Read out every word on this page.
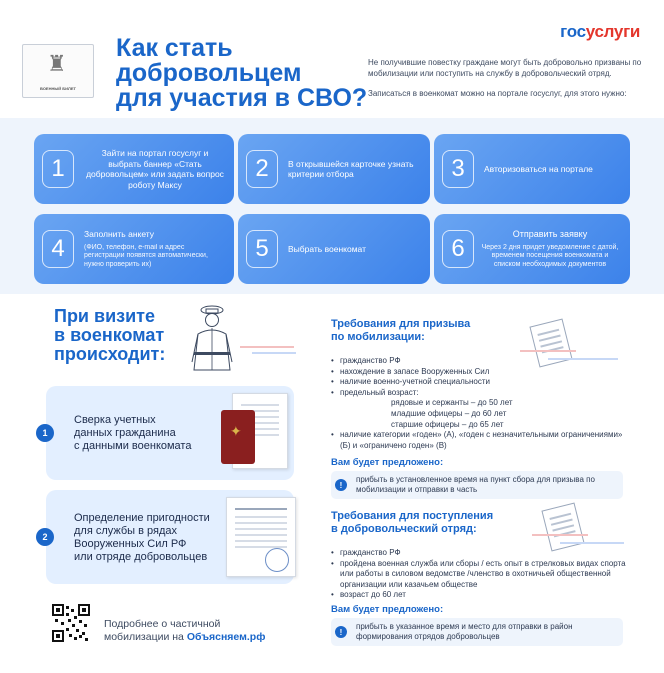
госуслуги
♜
ВОЕННЫЙ БИЛЕТ
Как стать
добровольцем
для участия в СВО?

Не получившие повестку граждане могут быть добровольно призваны по мобилизации или поступить на службу в добровольческий отряд.

Записаться в военкомат можно на портале госуслуг, для этого нужно:

1
Зайти на портал госуслуг и выбрать баннер «Стать добровольцем» или задать вопрос роботу Максу
2	В открывшейся карточке узнать критерии отбора	3	Авторизоваться на портале
4
Заполнить анкету
(ФИО, телефон, e-mail и адрес регистрации появятся автоматически, нужно проверить их)
5	Выбрать военкомат	6
Отправить заявку
Через 2 дня придет уведомление с датой, временем посещения военкомата и списком необходимых документов
При визите
в военкомат
происходит:
1
Сверка учетных
данных гражданина
с данными военкомата
✦
2
Определение пригодности
для службы в рядах
Вооруженных Сил РФ
или отряде добровольцев
Подробнее о частичной
мобилизации на Объясняем.рф
Требования для призыва
по мобилизации:
• гражданство РФ
• нахождение в запасе Вооруженных Сил
• наличие военно-учетной специальности
• предельный возраст:
рядовые и сержанты – до 50 лет
младшие офицеры – до 60 лет
старшие офицеры – до 65 лет
• наличие категории «годен» (А), «годен с незначительными ограничениями» (Б) и «ограничено годен» (В)
Вам будет предложено:
!
прибыть в установленное время на пункт сбора для призыва по мобилизации и отправки в часть
Требования для поступления
в добровольческий отряд:
• гражданство РФ
• пройдена военная служба или сборы / есть опыт в стрелковых видах спорта или работы в силовом ведомстве /членство в охотничьей общественной организации или казачьем обществе
• возраст до 60 лет
Вам будет предложено:
!
прибыть в указанное время и место для отправки в район формирования отрядов добровольцев
